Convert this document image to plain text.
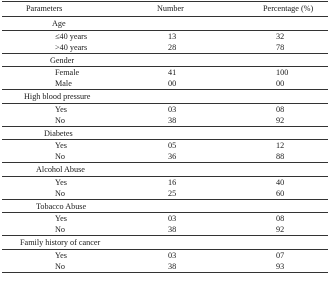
Parameters	Number	Percentage (%)
Age
≤40 years	13	32
>40 years	28	78
Gender
Female	41	100
Male	00	00
High blood pressure
Yes	03	08
No	38	92
Diabetes
Yes	05	12
No	36	88
Alcohol Abuse
Yes	16	40
No	25	60
Tobacco Abuse
Yes	03	08
No	38	92
Family history of cancer
Yes	03	07
No	38	93
